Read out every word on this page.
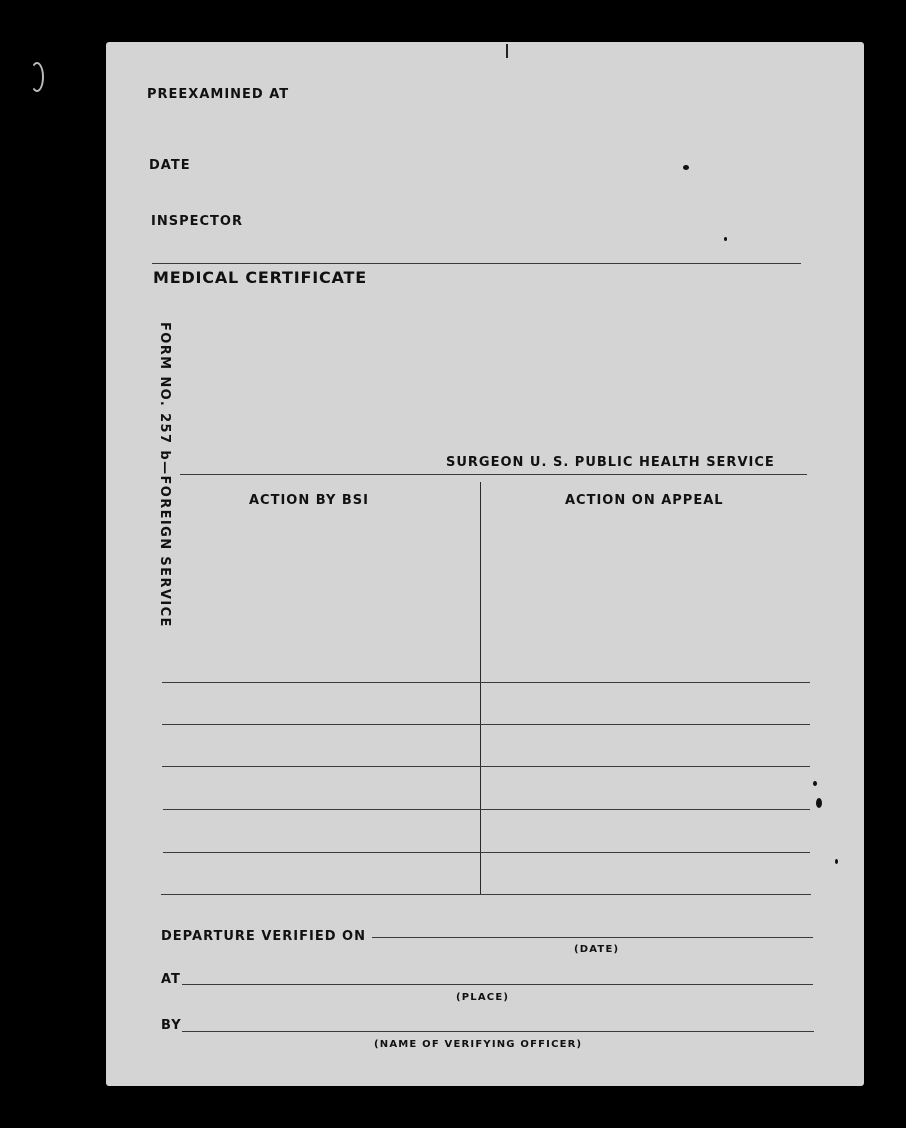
PREEXAMINED AT
DATE
INSPECTOR
MEDICAL CERTIFICATE
FORM NO. 257 b—FOREIGN SERVICE	SURGEON U. S. PUBLIC HEALTH SERVICE
ACTION BY BSI	ACTION ON APPEAL
DEPARTURE VERIFIED ON
(DATE)
AT
(PLACE)
BY
(NAME OF VERIFYING OFFICER)
